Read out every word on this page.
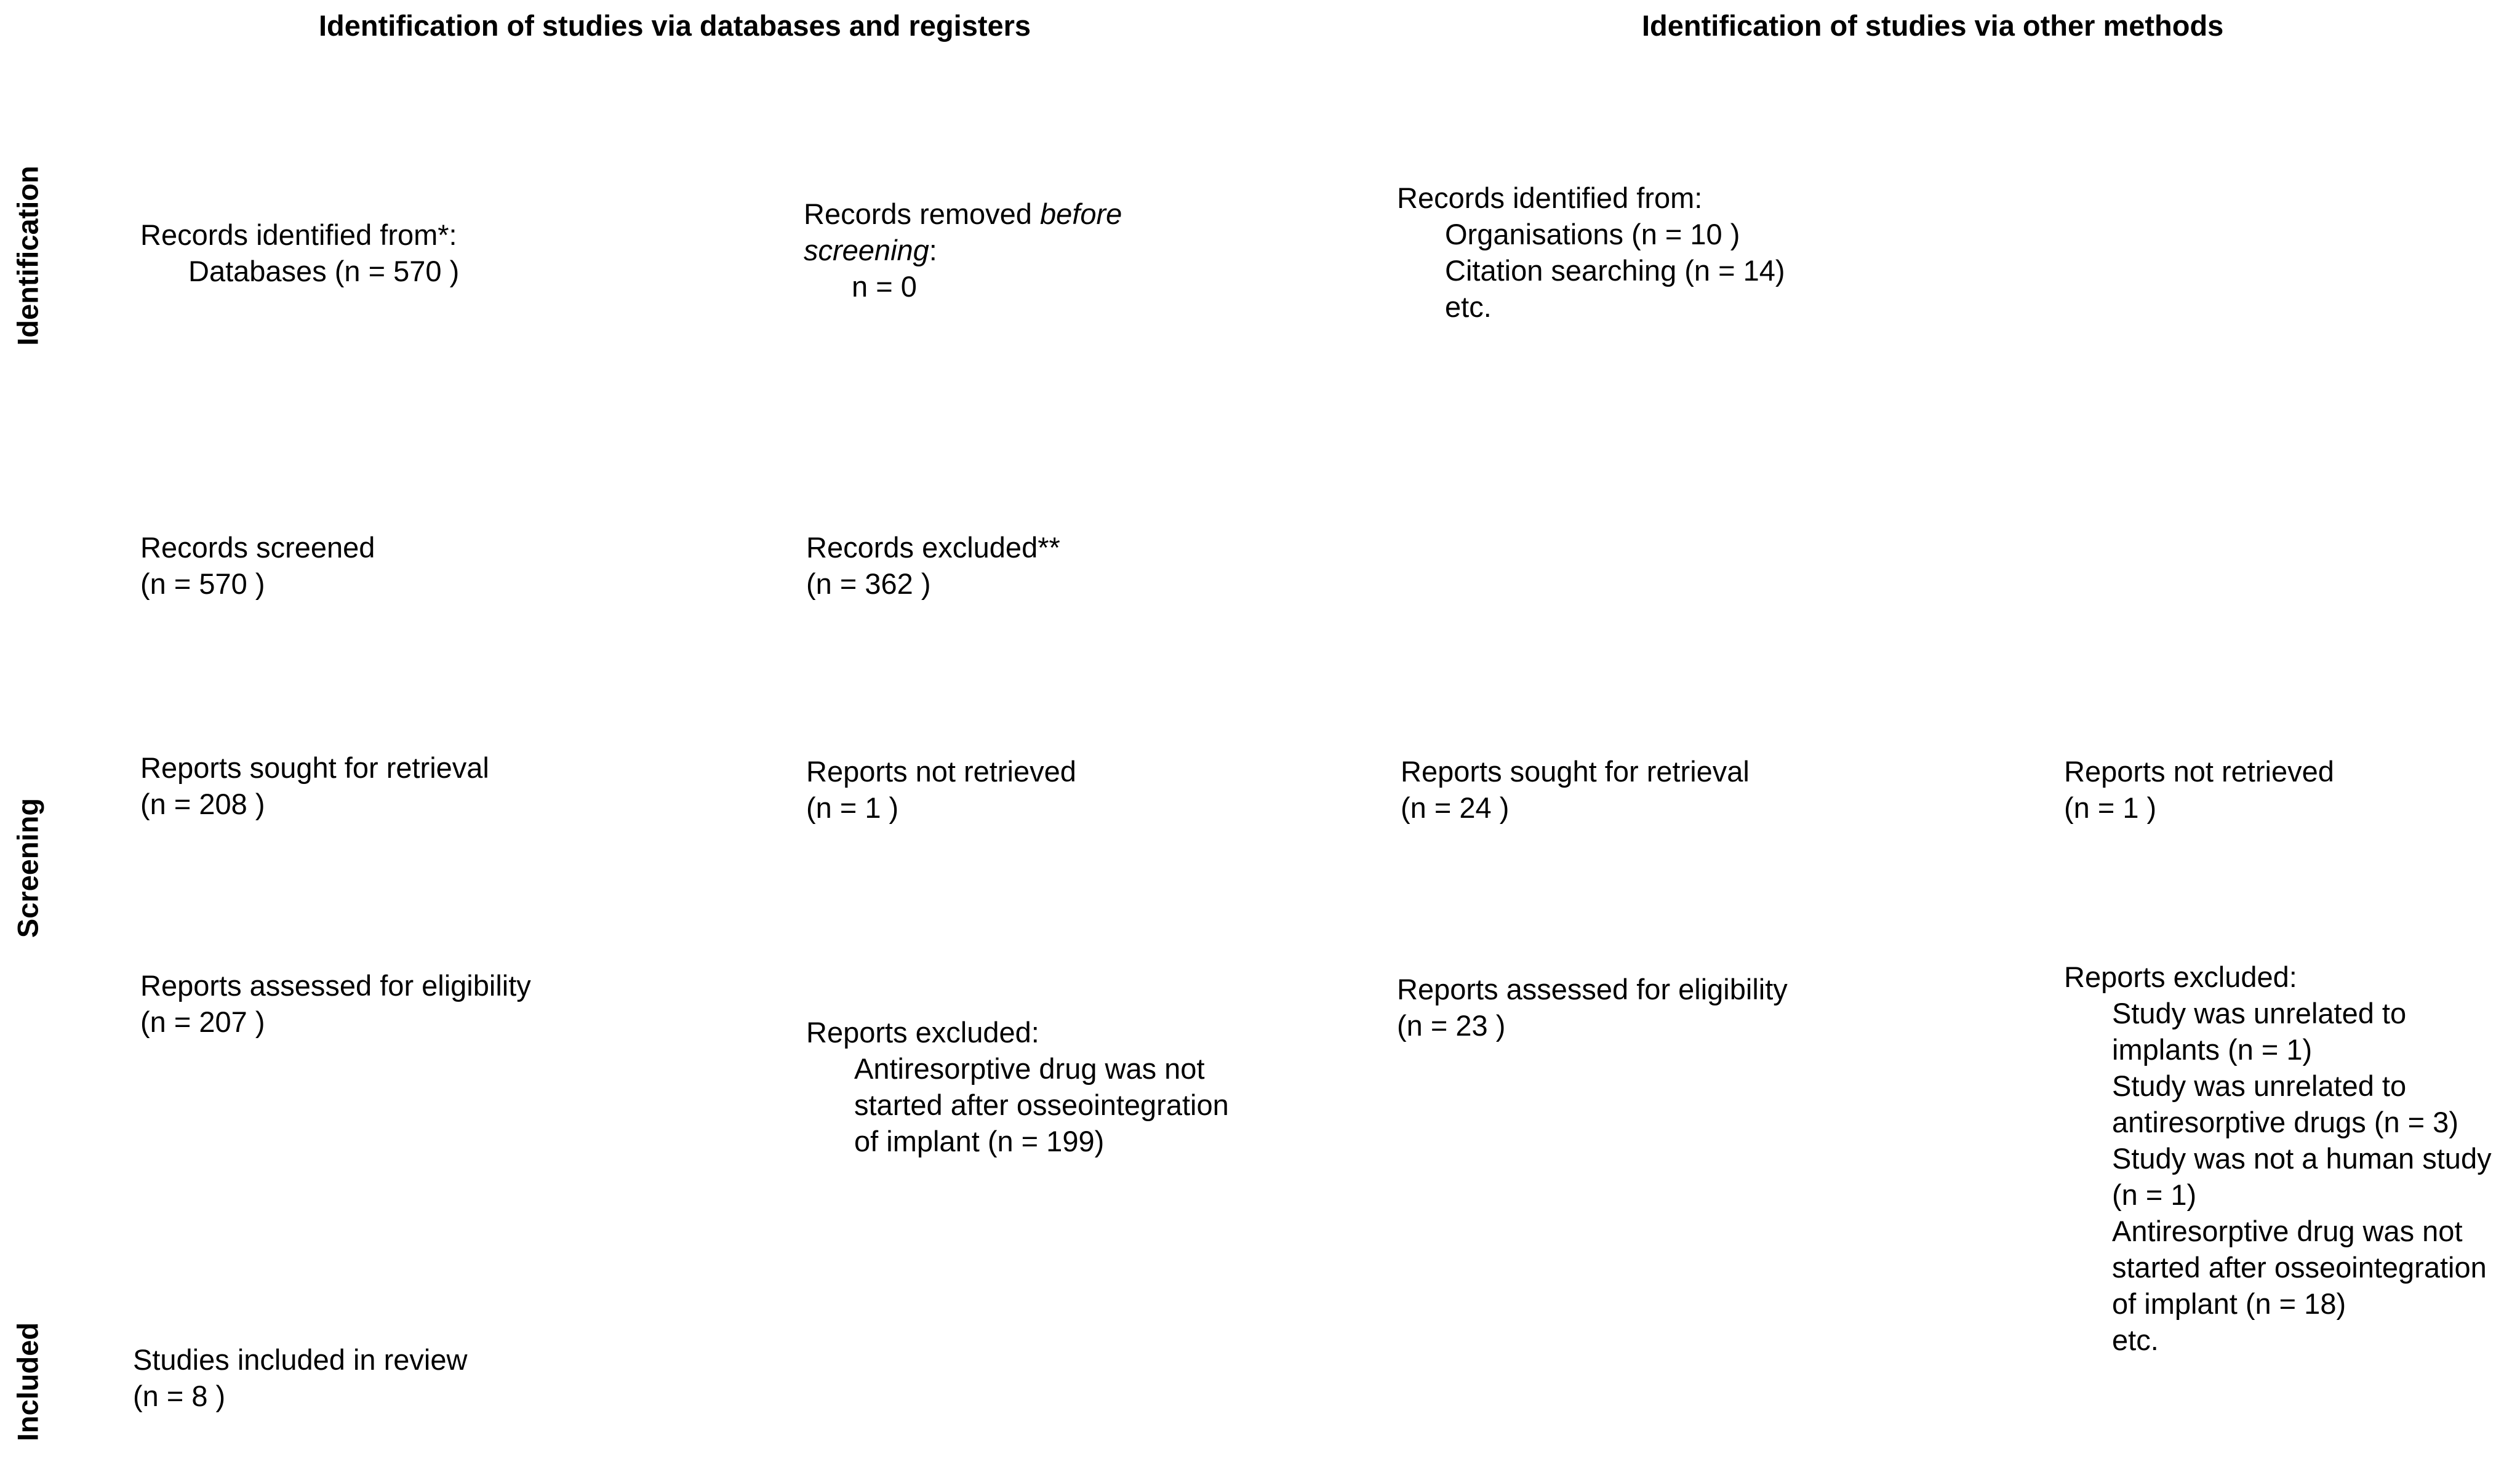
Identification of studies via databases and registers	Identification of studies via other methods
Identification
Screening
Included
Records identified from*:
Databases (n = 570 )
Records removed before
screening:
n = 0
Records identified from:
Organisations (n = 10 )
Citation searching (n = 14)
etc.
Records screened
(n = 570 )
Records excluded**
(n = 362 )
Reports sought for retrieval
(n = 208 )
Reports not retrieved
(n = 1 )
Reports sought for retrieval
(n = 24 )
Reports not retrieved
(n = 1 )
Reports assessed for eligibility
(n = 207 )	Reports excluded:
Antiresorptive drug was not
started after osseointegration
of implant (n = 199)
Reports assessed for eligibility
(n = 23 )
Reports excluded:
Study was unrelated to
implants (n = 1)
Study was unrelated to
antiresorptive drugs (n = 3)
Study was not a human study
(n = 1)
Antiresorptive drug was not
started after osseointegration
of implant (n = 18)
etc.
Studies included in review
(n = 8 )
